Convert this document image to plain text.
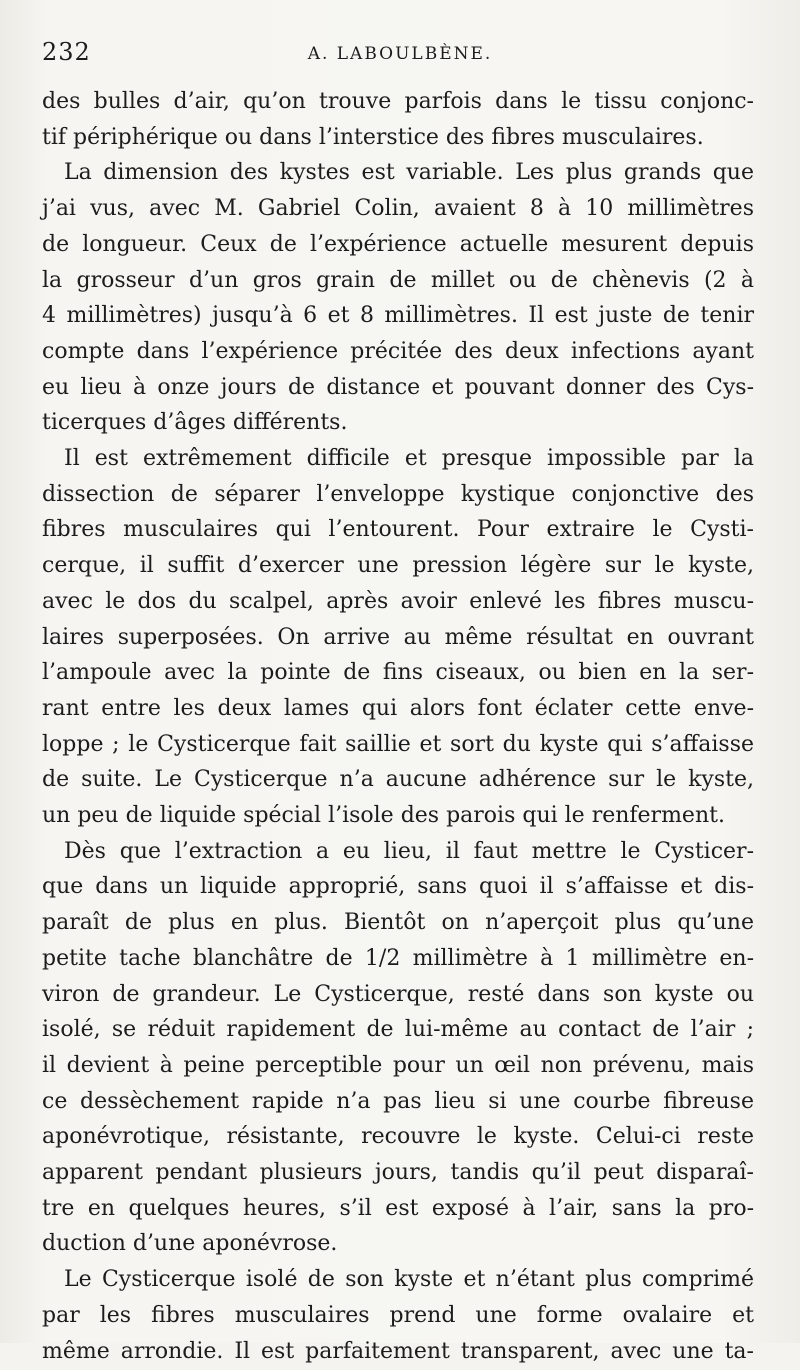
232	A. LABOULBÈNE.
des bulles d’air, qu’on trouve parfois dans le tissu conjonc-
tif périphérique ou dans l’interstice des fibres musculaires.
La dimension des kystes est variable. Les plus grands que
j’ai vus, avec M. Gabriel Colin, avaient 8 à 10 millimètres
de longueur. Ceux de l’expérience actuelle mesurent depuis
la grosseur d’un gros grain de millet ou de chènevis (2 à
4 millimètres) jusqu’à 6 et 8 millimètres. Il est juste de tenir
compte dans l’expérience précitée des deux infections ayant
eu lieu à onze jours de distance et pouvant donner des Cys-
ticerques d’âges différents.
Il est extrêmement difficile et presque impossible par la
dissection de séparer l’enveloppe kystique conjonctive des
fibres musculaires qui l’entourent. Pour extraire le Cysti-
cerque, il suffit d’exercer une pression légère sur le kyste,
avec le dos du scalpel, après avoir enlevé les fibres muscu-
laires superposées. On arrive au même résultat en ouvrant
l’ampoule avec la pointe de fins ciseaux, ou bien en la ser-
rant entre les deux lames qui alors font éclater cette enve-
loppe ; le Cysticerque fait saillie et sort du kyste qui s’affaisse
de suite. Le Cysticerque n’a aucune adhérence sur le kyste,
un peu de liquide spécial l’isole des parois qui le renferment.
Dès que l’extraction a eu lieu, il faut mettre le Cysticer-
que dans un liquide approprié, sans quoi il s’affaisse et dis-
paraît de plus en plus. Bientôt on n’aperçoit plus qu’une
petite tache blanchâtre de 1/2 millimètre à 1 millimètre en-
viron de grandeur. Le Cysticerque, resté dans son kyste ou
isolé, se réduit rapidement de lui-même au contact de l’air ;
il devient à peine perceptible pour un œil non prévenu, mais
ce dessèchement rapide n’a pas lieu si une courbe fibreuse
aponévrotique, résistante, recouvre le kyste. Celui-ci reste
apparent pendant plusieurs jours, tandis qu’il peut disparaî-
tre en quelques heures, s’il est exposé à l’air, sans la pro-
duction d’une aponévrose.
Le Cysticerque isolé de son kyste et n’étant plus comprimé
par les fibres musculaires prend une forme ovalaire et
même arrondie. Il est parfaitement transparent, avec une ta-
